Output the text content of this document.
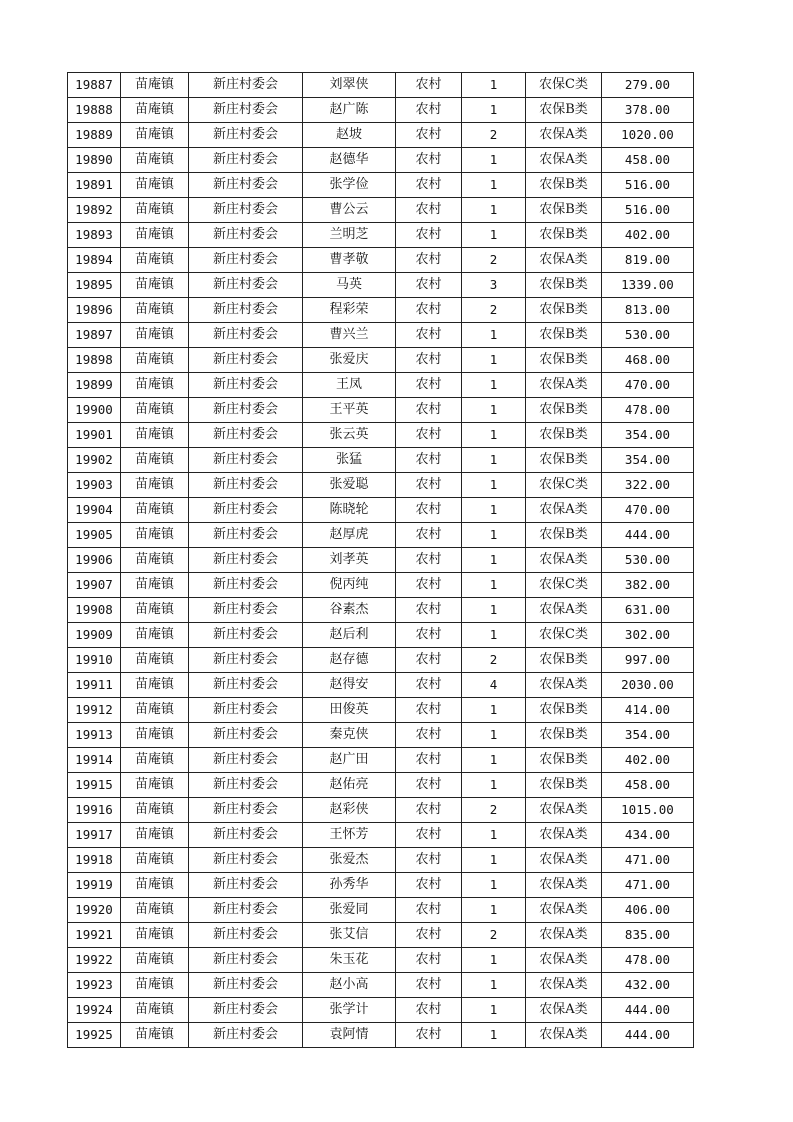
19887	苗庵镇	新庄村委会	刘翠侠	农村	1	农保C类	279.00
19888	苗庵镇	新庄村委会	赵广陈	农村	1	农保B类	378.00
19889	苗庵镇	新庄村委会	赵坡	农村	2	农保A类	1020.00
19890	苗庵镇	新庄村委会	赵德华	农村	1	农保A类	458.00
19891	苗庵镇	新庄村委会	张学俭	农村	1	农保B类	516.00
19892	苗庵镇	新庄村委会	曹公云	农村	1	农保B类	516.00
19893	苗庵镇	新庄村委会	兰明芝	农村	1	农保B类	402.00
19894	苗庵镇	新庄村委会	曹孝敬	农村	2	农保A类	819.00
19895	苗庵镇	新庄村委会	马英	农村	3	农保B类	1339.00
19896	苗庵镇	新庄村委会	程彩荣	农村	2	农保B类	813.00
19897	苗庵镇	新庄村委会	曹兴兰	农村	1	农保B类	530.00
19898	苗庵镇	新庄村委会	张爱庆	农村	1	农保B类	468.00
19899	苗庵镇	新庄村委会	王凤	农村	1	农保A类	470.00
19900	苗庵镇	新庄村委会	王平英	农村	1	农保B类	478.00
19901	苗庵镇	新庄村委会	张云英	农村	1	农保B类	354.00
19902	苗庵镇	新庄村委会	张猛	农村	1	农保B类	354.00
19903	苗庵镇	新庄村委会	张爱聪	农村	1	农保C类	322.00
19904	苗庵镇	新庄村委会	陈晓轮	农村	1	农保A类	470.00
19905	苗庵镇	新庄村委会	赵厚虎	农村	1	农保B类	444.00
19906	苗庵镇	新庄村委会	刘孝英	农村	1	农保A类	530.00
19907	苗庵镇	新庄村委会	倪丙纯	农村	1	农保C类	382.00
19908	苗庵镇	新庄村委会	谷素杰	农村	1	农保A类	631.00
19909	苗庵镇	新庄村委会	赵后利	农村	1	农保C类	302.00
19910	苗庵镇	新庄村委会	赵存德	农村	2	农保B类	997.00
19911	苗庵镇	新庄村委会	赵得安	农村	4	农保A类	2030.00
19912	苗庵镇	新庄村委会	田俊英	农村	1	农保B类	414.00
19913	苗庵镇	新庄村委会	秦克侠	农村	1	农保B类	354.00
19914	苗庵镇	新庄村委会	赵广田	农村	1	农保B类	402.00
19915	苗庵镇	新庄村委会	赵佑亮	农村	1	农保B类	458.00
19916	苗庵镇	新庄村委会	赵彩侠	农村	2	农保A类	1015.00
19917	苗庵镇	新庄村委会	王怀芳	农村	1	农保A类	434.00
19918	苗庵镇	新庄村委会	张爱杰	农村	1	农保A类	471.00
19919	苗庵镇	新庄村委会	孙秀华	农村	1	农保A类	471.00
19920	苗庵镇	新庄村委会	张爱同	农村	1	农保A类	406.00
19921	苗庵镇	新庄村委会	张艾信	农村	2	农保A类	835.00
19922	苗庵镇	新庄村委会	朱玉花	农村	1	农保A类	478.00
19923	苗庵镇	新庄村委会	赵小高	农村	1	农保A类	432.00
19924	苗庵镇	新庄村委会	张学计	农村	1	农保A类	444.00
19925	苗庵镇	新庄村委会	袁阿情	农村	1	农保A类	444.00
